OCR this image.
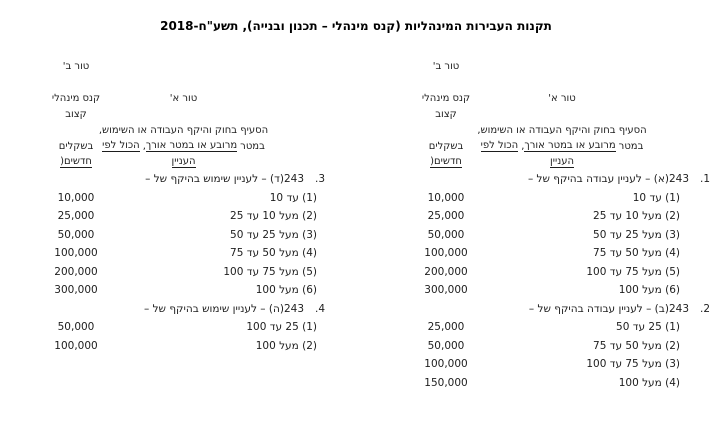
תקנות העבירות המינהליות (קנס מינהלי – תכנון ובנייה), תשע"ח-2018
טור ב'
קנס מינהלי
קצוב
בשקלים
חדשים
)
טור א'
הסעיף בחוק והיקף העבודה או השימוש,
במטר
מרובע או במטר אורך
,
הכול לפי
העניין
1.
243(א) – לעניין עבודה בהיקף של –
10,000	(1) עד 10
25,000	(2) מעל 10 עד 25
50,000	(3) מעל 25 עד 50
100,000	(4) מעל 50 עד 75
200,000	(5) מעל 75 עד 100
300,000	(6) מעל 100
2.
243(ב) – לעניין עבודה בהיקף של –
25,000	(1) 25 עד 50
50,000	(2) מעל 50 עד 75
100,000	(3) מעל 75 עד 100
150,000	(4) מעל 100
טור ב'
קנס מינהלי
קצוב
בשקלים
חדשים
)
טור א'
הסעיף בחוק והיקף העבודה או השימוש,
במטר
מרובע או במטר אורך
,
הכול לפי
העניין
3.
243(ד) – לעניין שימוש בהיקף של –
10,000	(1) עד 10
25,000	(2) מעל 10 עד 25
50,000	(3) מעל 25 עד 50
100,000	(4) מעל 50 עד 75
200,000	(5) מעל 75 עד 100
300,000	(6) מעל 100
4.
243(ה) – לעניין שימוש בהיקף של –
50,000	(1) 25 עד 100
100,000	(2) מעל 100
